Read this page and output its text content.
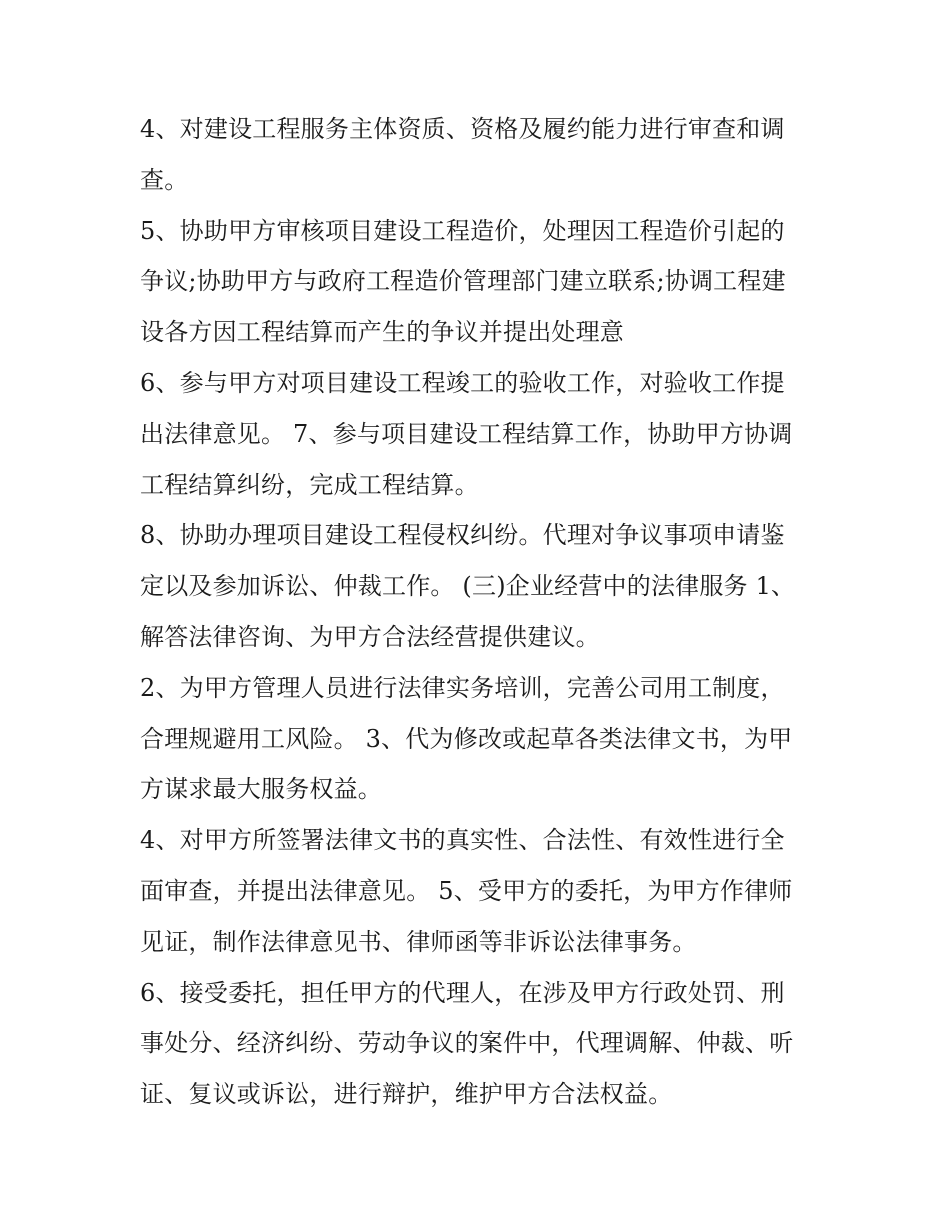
4、对建设工程服务主体资质、资格及履约能力进行审查和调
查。
5、协助甲方审核项目建设工程造价，处理因工程造价引起的
争议;协助甲方与政府工程造价管理部门建立联系;协调工程建
设各方因工程结算而产生的争议并提出处理意
6、参与甲方对项目建设工程竣工的验收工作，对验收工作提
出法律意见。 7、参与项目建设工程结算工作，协助甲方协调
工程结算纠纷，完成工程结算。
8、协助办理项目建设工程侵权纠纷。代理对争议事项申请鉴
定以及参加诉讼、仲裁工作。 (三)企业经营中的法律服务 1、
解答法律咨询、为甲方合法经营提供建议。
2、为甲方管理人员进行法律实务培训，完善公司用工制度，
合理规避用工风险。 3、代为修改或起草各类法律文书，为甲
方谋求最大服务权益。
4、对甲方所签署法律文书的真实性、合法性、有效性进行全
面审查，并提出法律意见。 5、受甲方的委托，为甲方作律师
见证，制作法律意见书、律师函等非诉讼法律事务。
6、接受委托，担任甲方的代理人，在涉及甲方行政处罚、刑
事处分、经济纠纷、劳动争议的案件中，代理调解、仲裁、听
证、复议或诉讼，进行辩护，维护甲方合法权益。
